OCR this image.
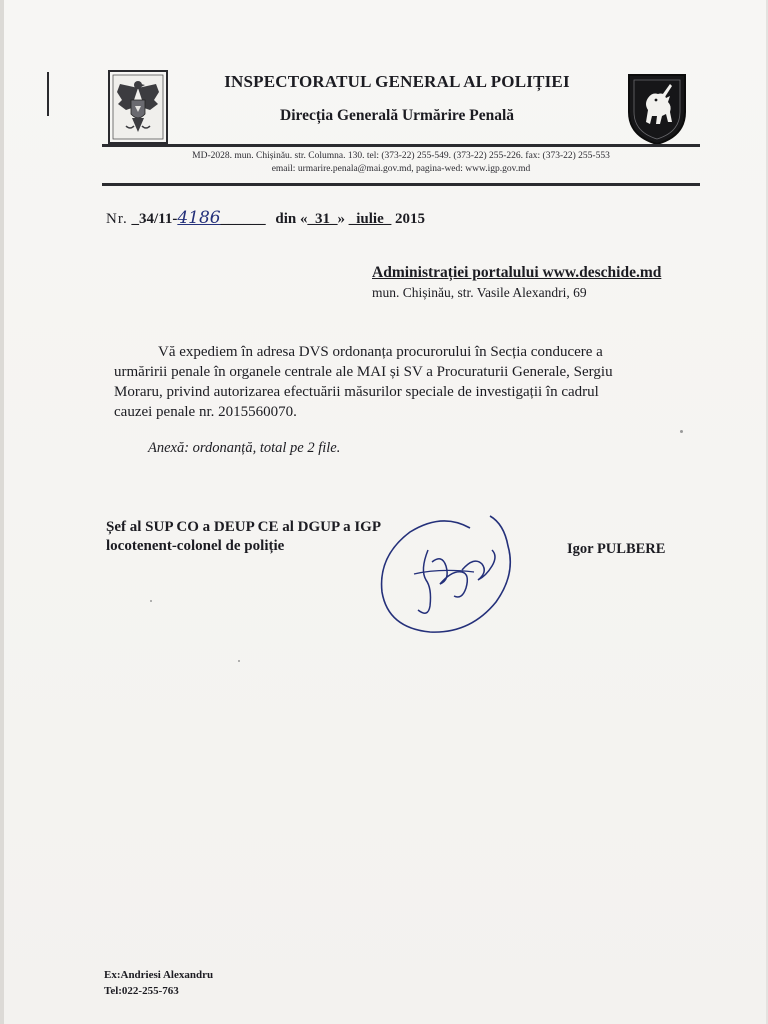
INSPECTORATUL GENERAL AL POLIȚIEI
Direcția Generală Urmărire Penală
MD-2028. mun. Chișinău. str. Columna. 130. tel: (373-22) 255-549. (373-22) 255-226. fax: (373-22) 255-553
email: urmarire.penala@mai.gov.md, pagina-wed: www.igp.gov.md
Nr. _34/11-4186______ din «_31_» _iulie_ 2015
Administrației portalului www.deschide.md
mun. Chișinău, str. Vasile Alexandri, 69
Vă expediem în adresa DVS ordonanța procurorului în Secția conducere a
urmăririi penale în organele centrale ale MAI și SV a Procuraturii Generale, Sergiu
Moraru, privind autorizarea efectuării măsurilor speciale de investigații în cadrul
cauzei penale nr. 2015560070.
Anexă: ordonanță, total pe 2 file.
Șef al SUP CO a DEUP CE al DGUP a IGP
locotenent-colonel de poliție	Igor PULBERE
Ex:Andriesi Alexandru
Tel:022-255-763
